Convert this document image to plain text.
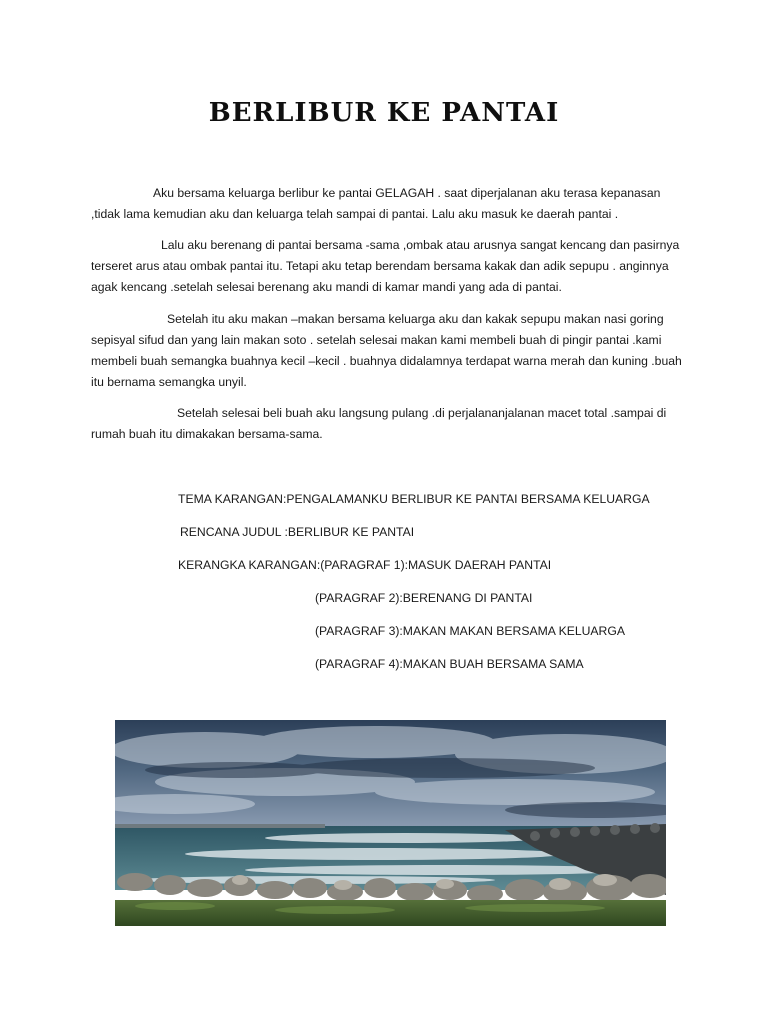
BERLIBUR KE PANTAI
Aku bersama keluarga berlibur ke pantai GELAGAH . saat diperjalanan aku terasa kepanasan ,tidak lama kemudian aku dan keluarga telah sampai di pantai. Lalu aku masuk ke daerah pantai .
Lalu aku berenang di pantai bersama -sama ,ombak atau arusnya sangat kencang dan pasirnya terseret arus atau ombak pantai itu. Tetapi aku tetap berendam bersama kakak dan adik sepupu . anginnya agak kencang .setelah selesai berenang aku mandi di kamar mandi yang ada di pantai.
Setelah itu aku makan –makan bersama keluarga aku dan kakak sepupu makan nasi goring sepisyal sifud dan yang lain makan soto . setelah selesai makan kami membeli buah di pingir pantai .kami membeli buah semangka buahnya kecil –kecil . buahnya didalamnya terdapat warna merah dan kuning .buah itu bernama semangka unyil.
Setelah selesai beli buah aku langsung pulang .di perjalananjalanan macet total .sampai di rumah buah itu dimakakan bersama-sama.
TEMA KARANGAN:PENGALAMANKU BERLIBUR KE PANTAI BERSAMA KELUARGA
RENCANA JUDUL :BERLIBUR KE PANTAI
KERANGKA KARANGAN:(PARAGRAF 1):MASUK DAERAH PANTAI
(PARAGRAF 2):BERENANG DI PANTAI
(PARAGRAF 3):MAKAN MAKAN BERSAMA KELUARGA
(PARAGRAF 4):MAKAN BUAH BERSAMA SAMA
